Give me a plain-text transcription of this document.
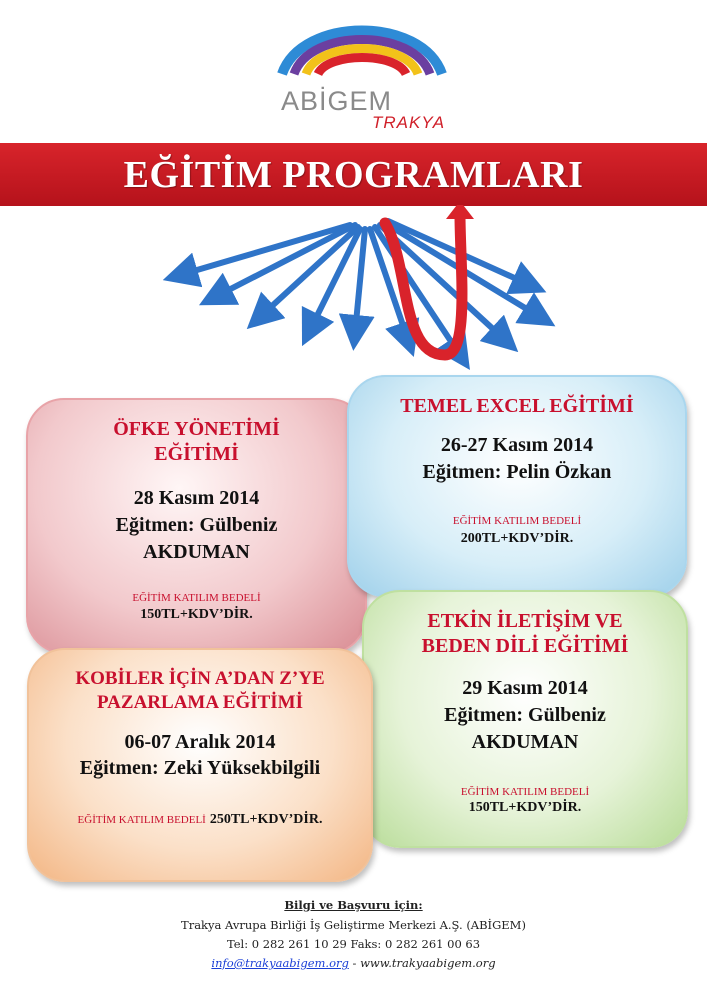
ABİGEM
TRAKYA
EĞİTİM PROGRAMLARI
ÖFKE YÖNETİMİ
EĞİTİMİ
28 Kasım 2014
Eğitmen: Gülbeniz
AKDUMAN
EĞİTİM KATILIM BEDELİ
150TL+KDV’DİR.
TEMEL EXCEL EĞİTİMİ
26-27 Kasım 2014
Eğitmen: Pelin Özkan
EĞİTİM KATILIM BEDELİ
200TL+KDV’DİR.
ETKİN İLETİŞİM VE
BEDEN DİLİ EĞİTİMİ
29 Kasım 2014
Eğitmen: Gülbeniz
AKDUMAN
EĞİTİM KATILIM BEDELİ
150TL+KDV’DİR.
KOBİLER İÇİN A’DAN Z’YE
PAZARLAMA EĞİTİMİ
06-07 Aralık 2014
Eğitmen: Zeki Yüksekbilgili
EĞİTİM KATILIM BEDELİ 250TL+KDV’DİR.
Bilgi ve Başvuru için:
Trakya Avrupa Birliği İş Geliştirme Merkezi A.Ş. (ABİGEM)
Tel: 0 282 261 10 29 Faks: 0 282 261 00 63
info@trakyaabigem.org - www.trakyaabigem.org
